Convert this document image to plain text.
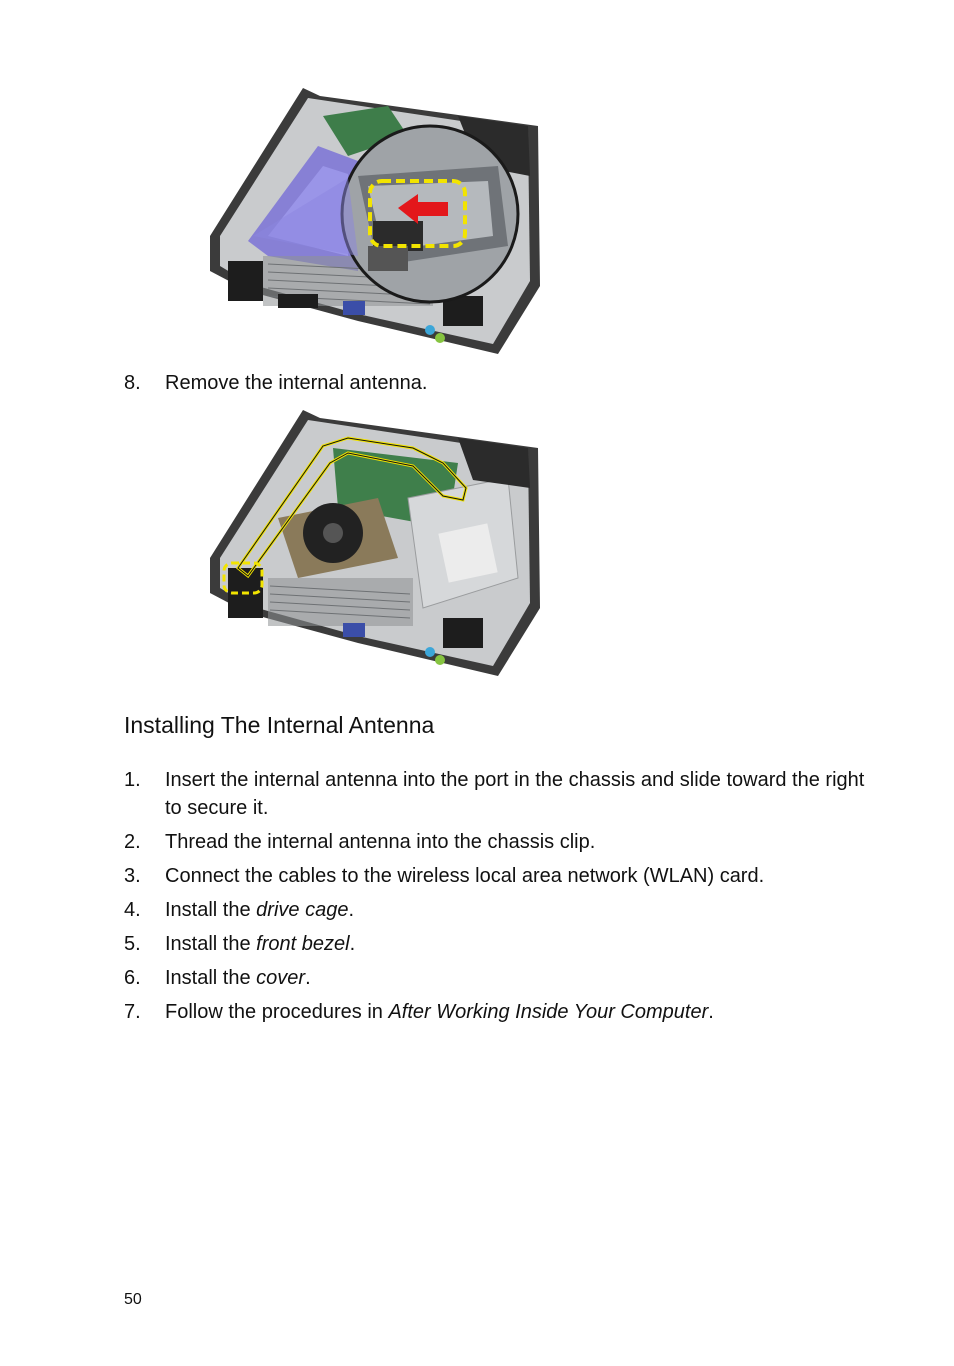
8.	Remove the internal antenna.
Installing The Internal Antenna
1.	Insert the internal antenna into the port in the chassis and slide toward the right to secure it.
2.	Thread the internal antenna into the chassis clip.
3.	Connect the cables to the wireless local area network (WLAN) card.
4.	Install the drive cage.
5.	Install the front bezel.
6.	Install the cover.
7.	Follow the procedures in After Working Inside Your Computer.
50
